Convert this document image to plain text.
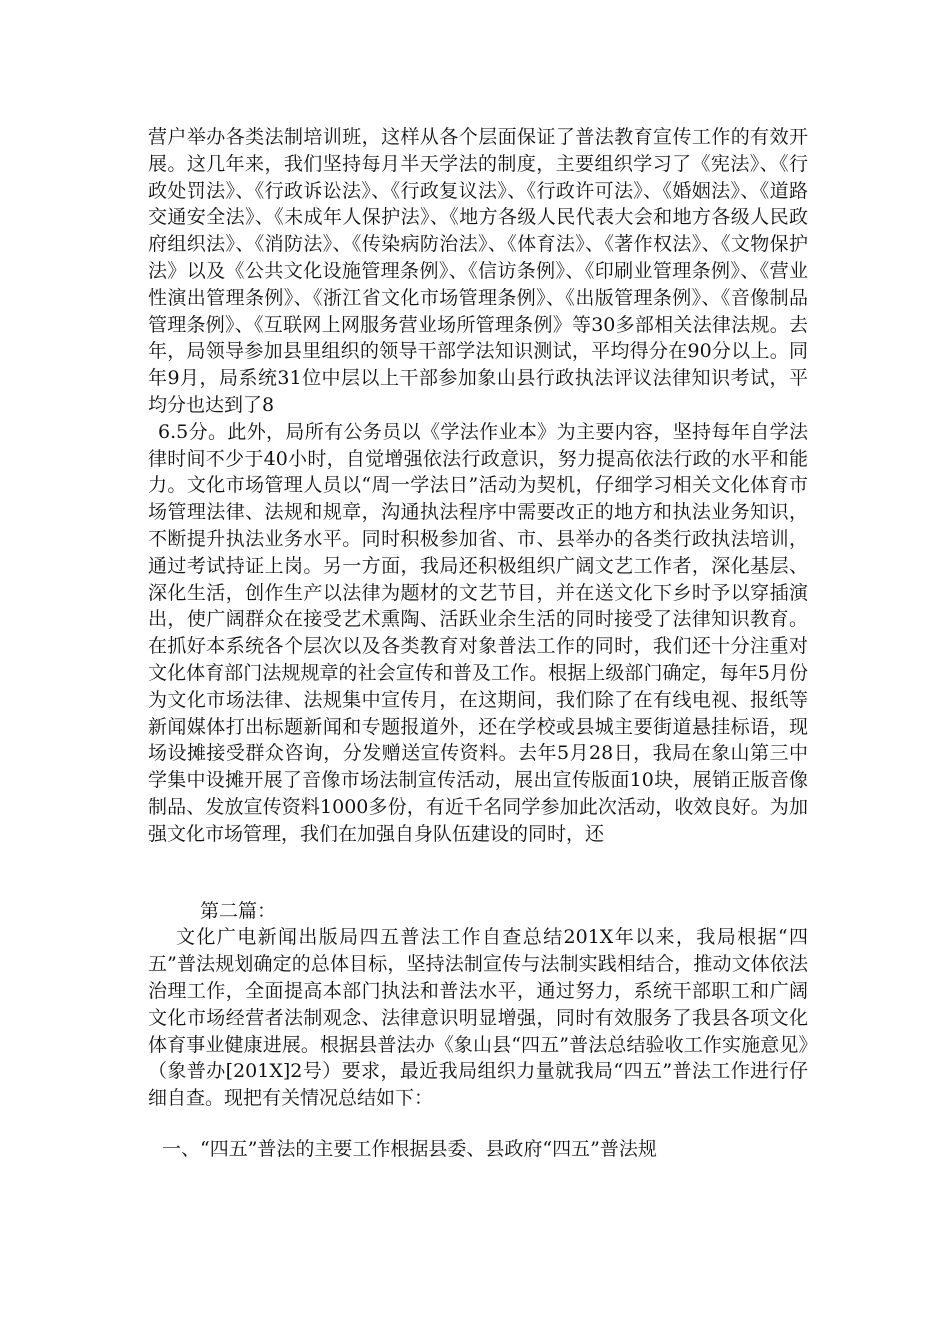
营户举办各类法制培训班，这样从各个层面保证了普法教育宣传工作的有效开展。这几年来，我们坚持每月半天学法的制度，主要组织学习了《宪法》、《行政处罚法》、《行政诉讼法》、《行政复议法》、《行政许可法》、《婚姻法》、《道路交通安全法》、《未成年人保护法》、《地方各级人民代表大会和地方各级人民政府组织法》、《消防法》、《传染病防治法》、《体育法》、《著作权法》、《文物保护法》以及《公共文化设施管理条例》、《信访条例》、《印刷业管理条例》、《营业性演出管理条例》、《浙江省文化市场管理条例》、《出版管理条例》、《音像制品管理条例》、《互联网上网服务营业场所管理条例》等30多部相关法律法规。去年，局领导参加县里组织的领导干部学法知识测试，平均得分在90分以上。同年9月，局系统31位中层以上干部参加象山县行政执法评议法律知识考试，平均分也达到了8

6.5分。此外，局所有公务员以《学法作业本》为主要内容，坚持每年自学法律时间不少于40小时，自觉增强依法行政意识，努力提高依法行政的水平和能力。文化市场管理人员以“周一学法日”活动为契机，仔细学习相关文化体育市场管理法律、法规和规章，沟通执法程序中需要改正的地方和执法业务知识，不断提升执法业务水平。同时积极参加省、市、县举办的各类行政执法培训，通过考试持证上岗。另一方面，我局还积极组织广阔文艺工作者，深化基层、深化生活，创作生产以法律为题材的文艺节目，并在送文化下乡时予以穿插演出，使广阔群众在接受艺术熏陶、活跃业余生活的同时接受了法律知识教育。在抓好本系统各个层次以及各类教育对象普法工作的同时，我们还十分注重对文化体育部门法规规章的社会宣传和普及工作。根据上级部门确定，每年5月份为文化市场法律、法规集中宣传月，在这期间，我们除了在有线电视、报纸等新闻媒体打出标题新闻和专题报道外，还在学校或县城主要街道悬挂标语，现场设摊接受群众咨询，分发赠送宣传资料。去年5月28日，我局在象山第三中学集中设摊开展了音像市场法制宣传活动，展出宣传版面10块，展销正版音像制品、发放宣传资料1000多份，有近千名同学参加此次活动，收效良好。为加强文化市场管理，我们在加强自身队伍建设的同时，还

第二篇：

文化广电新闻出版局四五普法工作自查总结201X年以来，我局根据“四五”普法规划确定的总体目标，坚持法制宣传与法制实践相结合，推动文体依法治理工作，全面提高本部门执法和普法水平，通过努力，系统干部职工和广阔文化市场经营者法制观念、法律意识明显增强，同时有效服务了我县各项文化体育事业健康进展。根据县普法办《象山县“四五”普法总结验收工作实施意见》（象普办[201X]2号）要求，最近我局组织力量就我局“四五”普法工作进行仔细自查。现把有关情况总结如下：

一、“四五”普法的主要工作根据县委、县政府“四五”普法规
